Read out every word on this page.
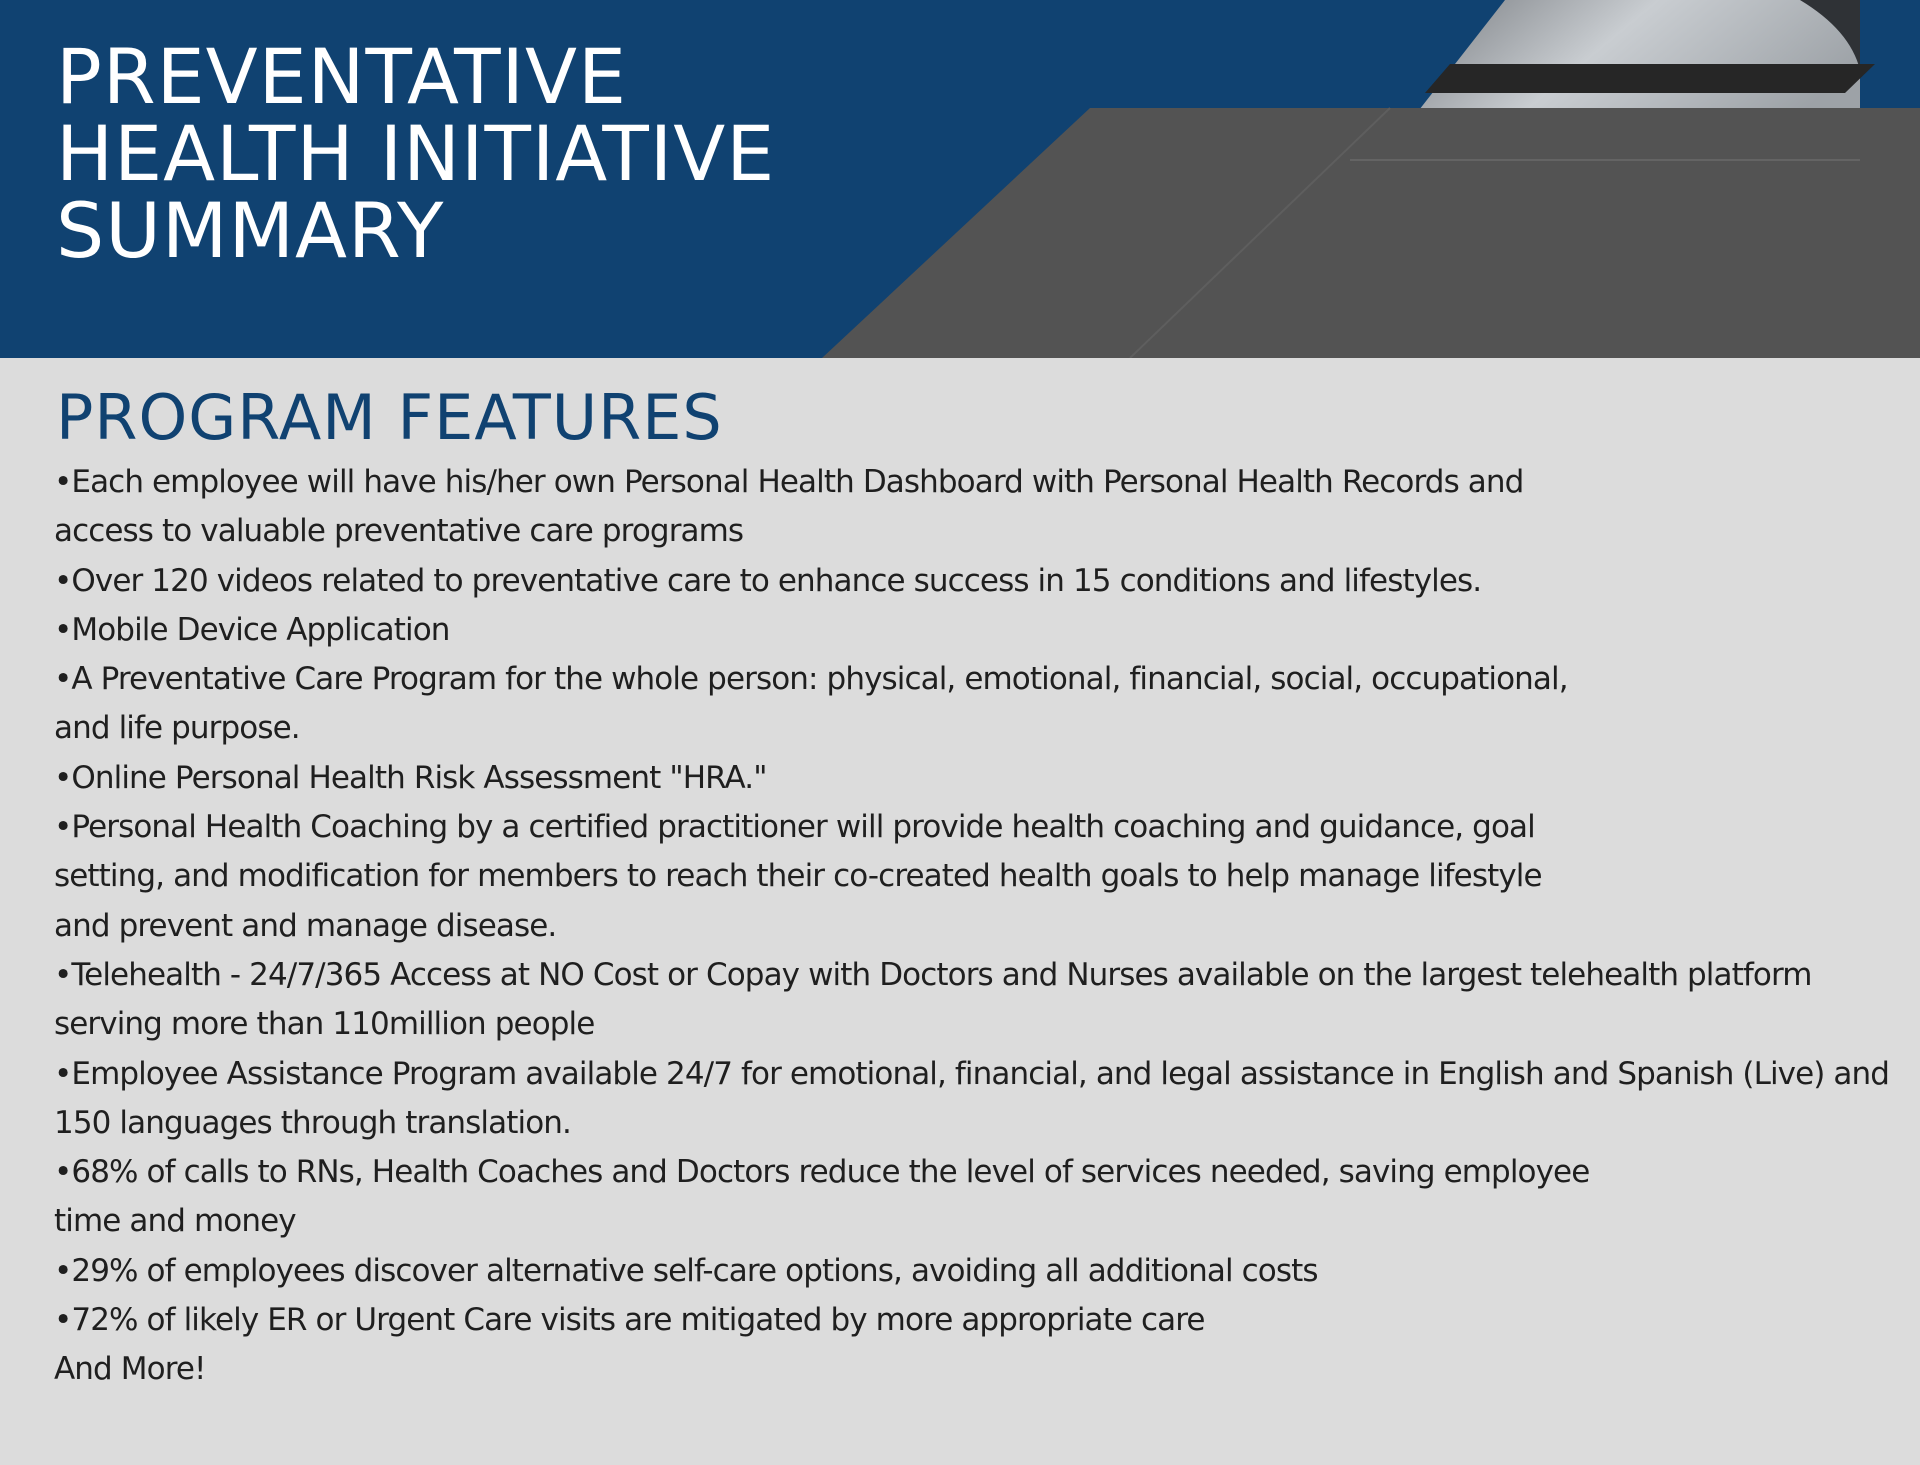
PREVENTATIVE
HEALTH INITIATIVE
SUMMARY
PROGRAM FEATURES
•Each employee will have his/her own Personal Health Dashboard with Personal Health Records and
access to valuable preventative care programs
•Over 120 videos related to preventative care to enhance success in 15 conditions and lifestyles.
•Mobile Device Application
•A Preventative Care Program for the whole person: physical, emotional, financial, social, occupational,
and life purpose.
•Online Personal Health Risk Assessment "HRA."
•Personal Health Coaching by a certified practitioner will provide health coaching and guidance, goal
setting, and modification for members to reach their co-created health goals to help manage lifestyle
and prevent and manage disease.
•Telehealth - 24/7/365 Access at NO Cost or Copay with Doctors and Nurses available on the largest telehealth platform
serving more than 110million people
•Employee Assistance Program available 24/7 for emotional, financial, and legal assistance in English and Spanish (Live) and
150 languages through translation.
•68% of calls to RNs, Health Coaches and Doctors reduce the level of services needed, saving employee
time and money
•29% of employees discover alternative self-care options, avoiding all additional costs
•72% of likely ER or Urgent Care visits are mitigated by more appropriate care
And More!
